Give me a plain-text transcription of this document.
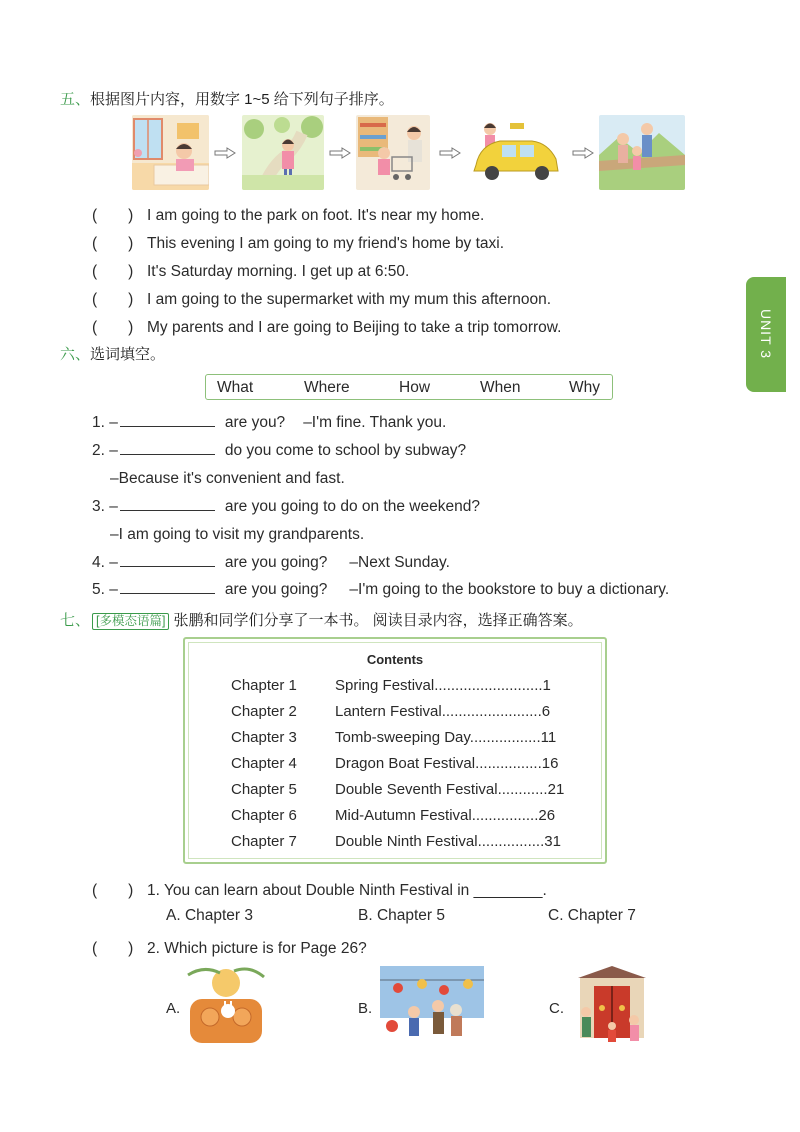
五、根据图片内容，用数字 1~5 给下列句子排序。
(　　) I am going to the park on foot. It's near my home.
(　　) This evening I am going to my friend's home by taxi.
(　　) It's Saturday morning. I get up at 6:50.
(　　) I am going to the supermarket with my mum this afternoon.
(　　) My parents and I are going to Beijing to take a trip tomorrow.
六、选词填空。
What	Where	How	When	Why
1. –	are you? –I'm fine. Thank you.
2. –	do you come to school by subway?
–Because it's convenient and fast.
3. –	are you going to do on the weekend?
–I am going to visit my grandparents.
4. –	are you going? –Next Sunday.
5. –	are you going? –I'm going to the bookstore to buy a dictionary.
七、 [多模态语篇] 张鹏和同学们分享了一本书。 阅读目录内容，选择正确答案。
Contents
Chapter 1	Spring Festival..........................1
Chapter 2	Lantern Festival........................6
Chapter 3	Tomb-sweeping Day.................11
Chapter 4	Dragon Boat Festival................16
Chapter 5	Double Seventh Festival............21
Chapter 6	Mid-Autumn Festival................26
Chapter 7	Double Ninth Festival................31
(　　) 1. You can learn about Double Ninth Festival in ________.
A. Chapter 3	B. Chapter 5	C. Chapter 7
(　　) 2. Which picture is for Page 26?
A.	B.	C.
UNIT 3
